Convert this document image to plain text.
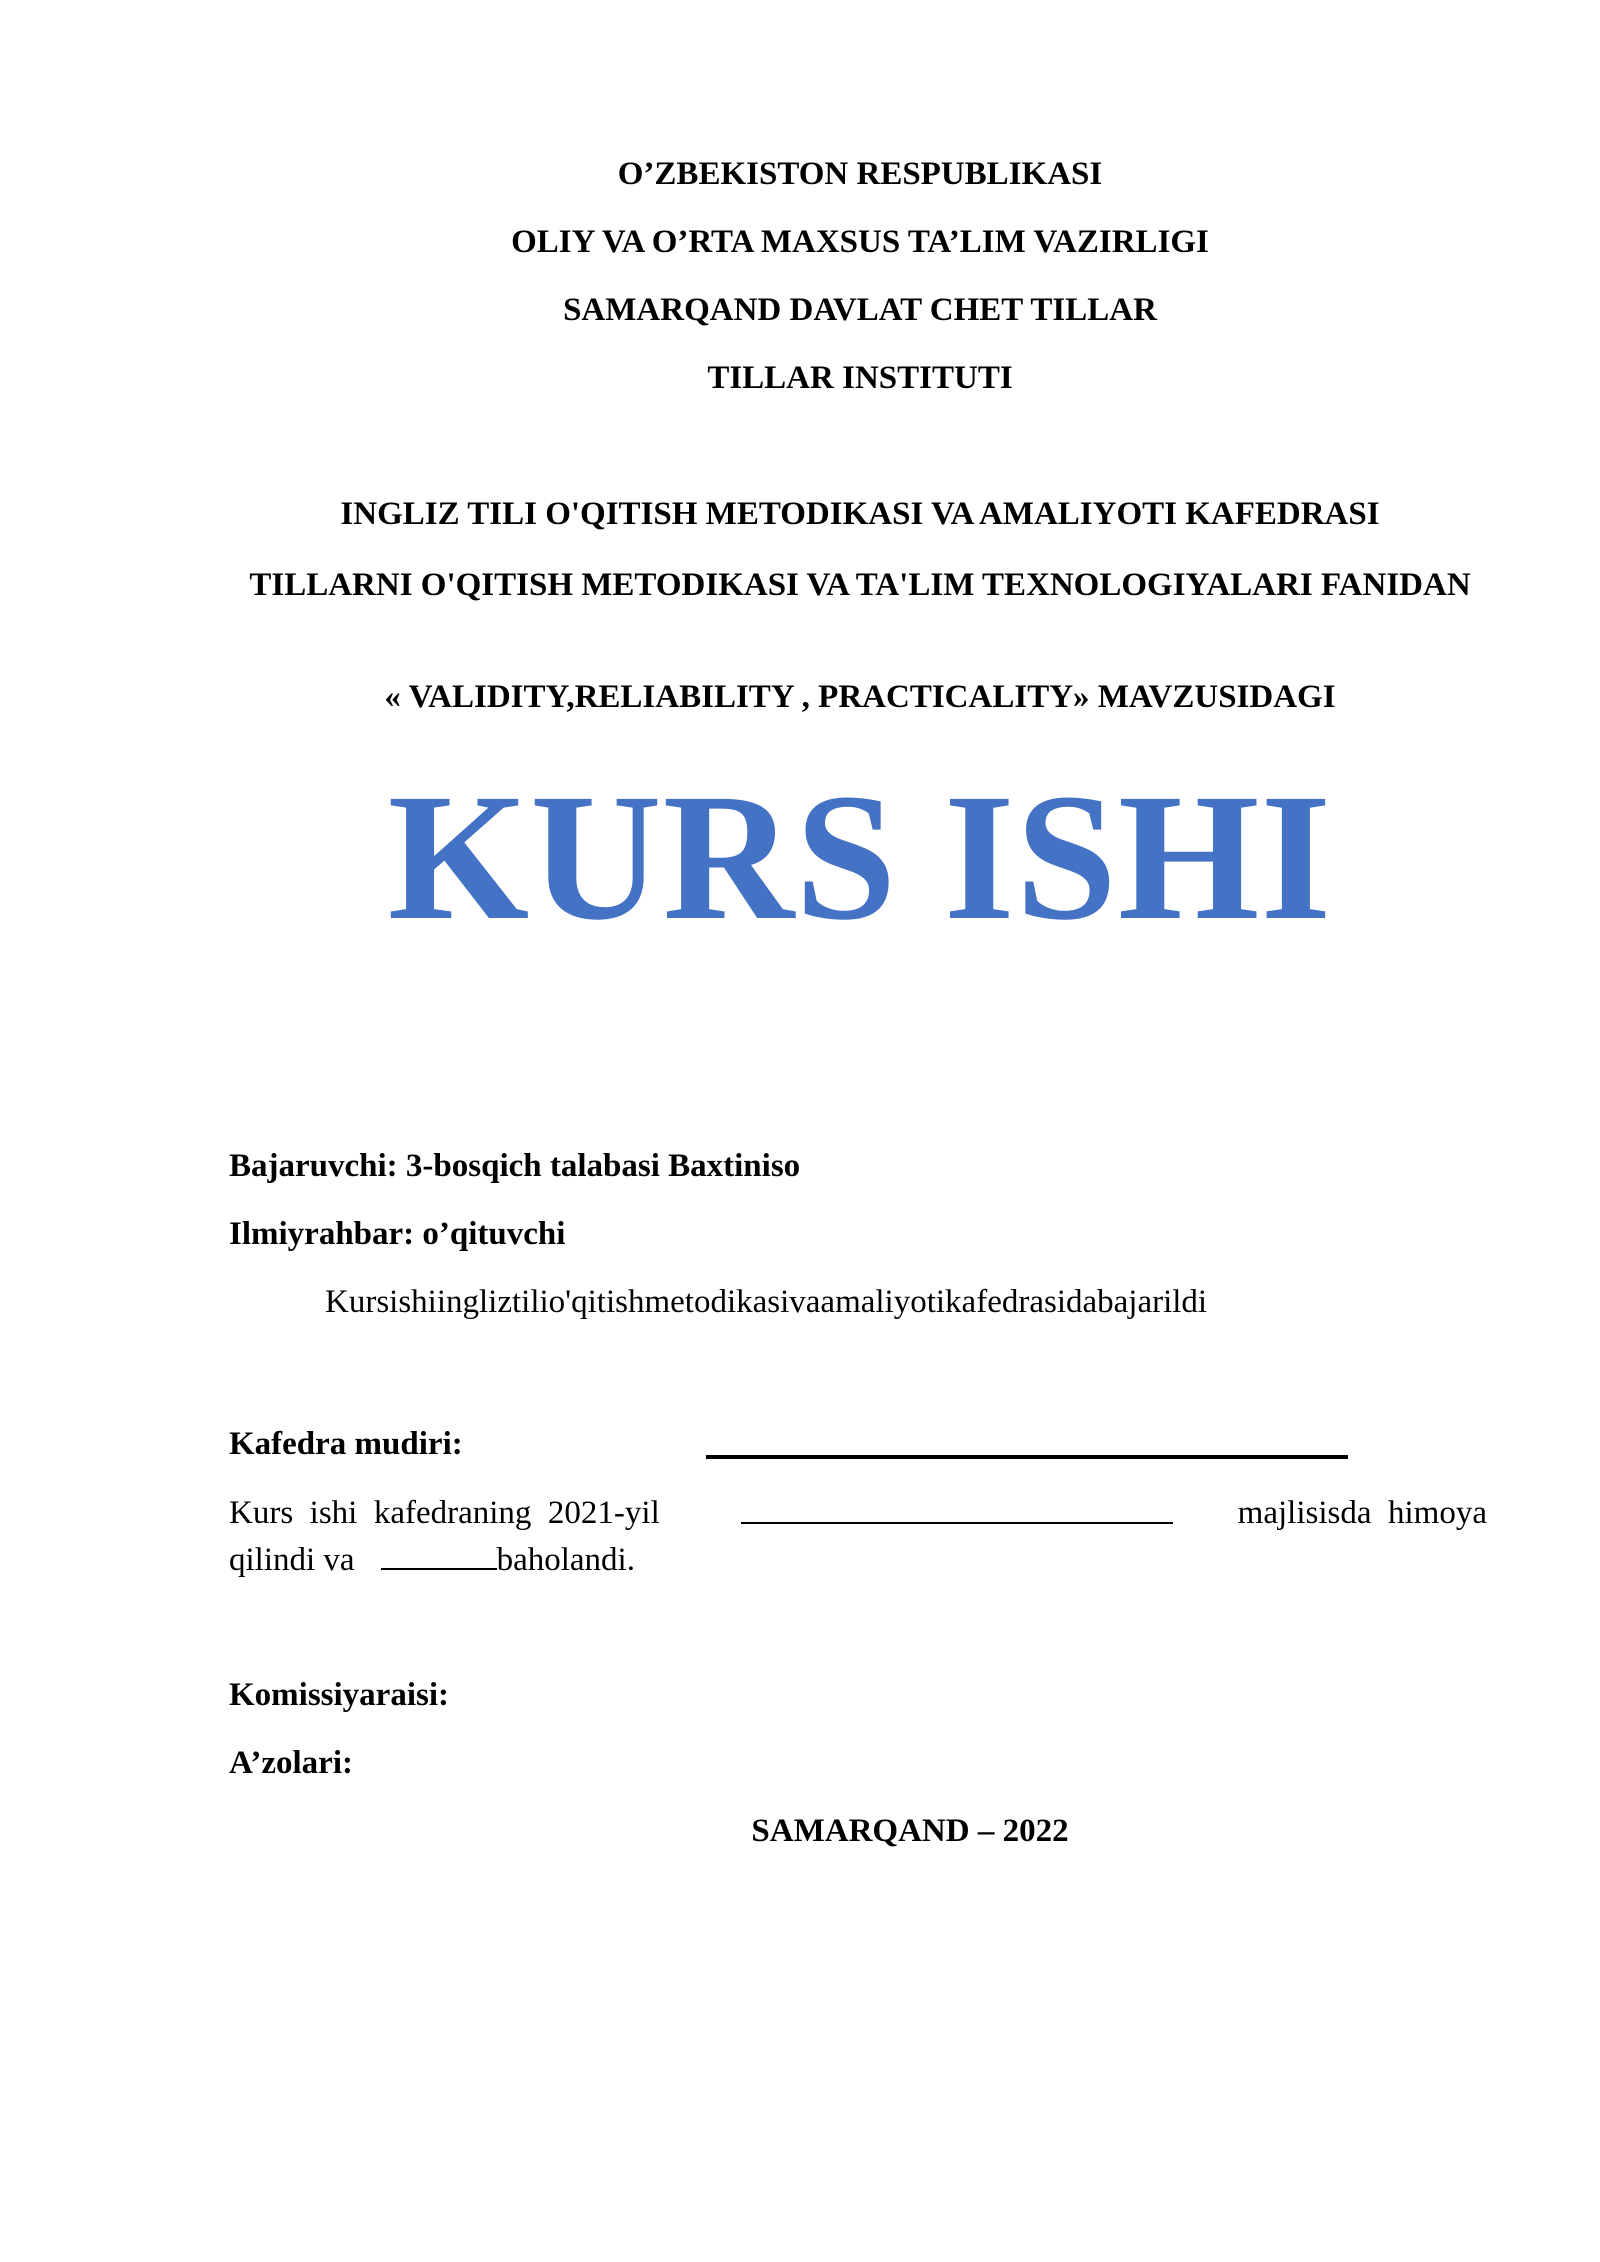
O’ZBEKISTON RESPUBLIKASI
OLIY VA O’RTA MAXSUS TA’LIM VAZIRLIGI
SAMARQAND DAVLAT CHET TILLAR
TILLAR INSTITUTI
INGLIZ TILI O'QITISH METODIKASI VA AMALIYOTI KAFEDRASI
TILLARNI O'QITISH METODIKASI VA TA'LIM TEXNOLOGIYALARI FANIDAN
« VALIDITY,RELIABILITY , PRACTICALITY» MAVZUSIDAGI
KURS ISHI
Bajaruvchi: 3-bosqich talabasi Baxtiniso
Ilmiyrahbar: o’qituvchi
Kursishiingliztilio'qitishmetodikasivaamaliyotikafedrasidabajarildi
Kafedra mudiri:
Kurs  ishi  kafedraning  2021-yil	majlisisda  himoya
qilindi va	baholandi.
Komissiyaraisi:
A’zolari:
SAMARQAND – 2022
